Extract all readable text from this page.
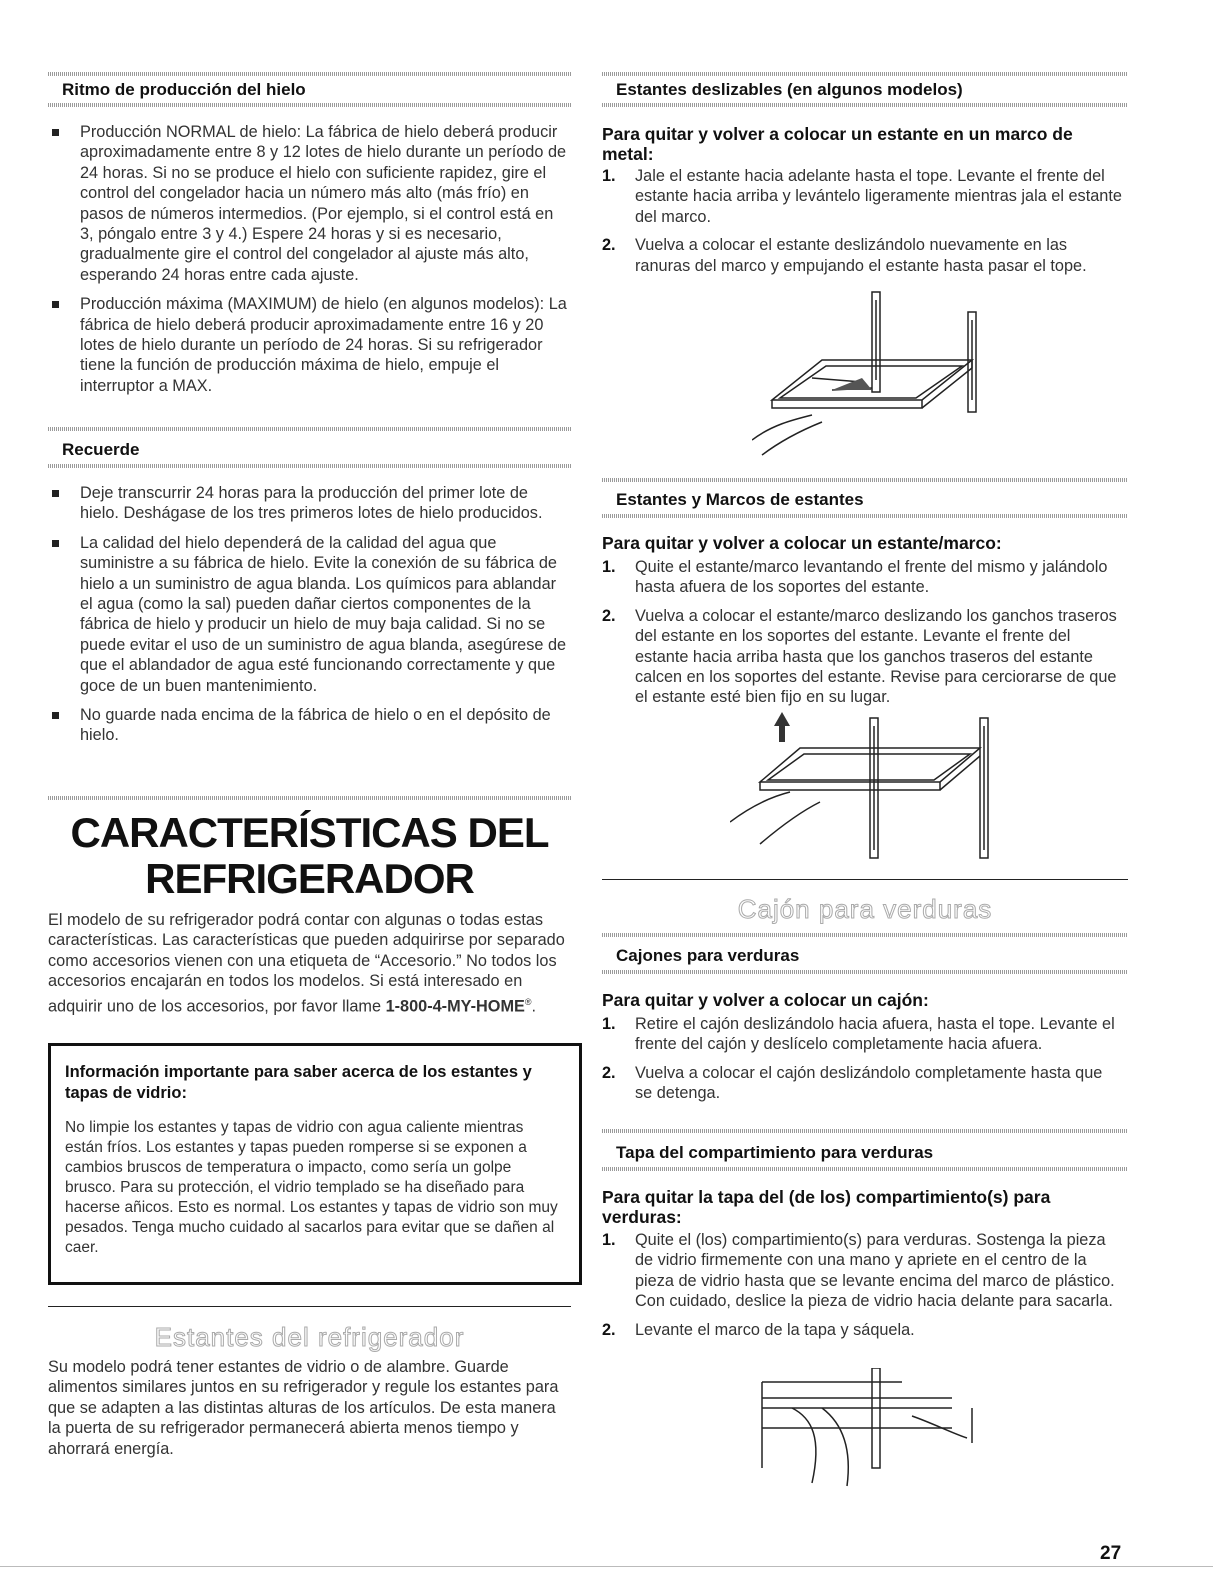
Ritmo de producción del hielo
Producción NORMAL de hielo: La fábrica de hielo deberá producir aproximadamente entre 8 y 12 lotes de hielo durante un período de 24 horas. Si no se produce el hielo con suficiente rapidez, gire el control del congelador hacia un número más alto (más frío) en pasos de números intermedios. (Por ejemplo, si el control está en 3, póngalo entre 3 y 4.) Espere 24 horas y si es necesario, gradualmente gire el control del congelador al ajuste más alto, esperando 24 horas entre cada ajuste.
Producción máxima (MAXIMUM) de hielo (en algunos modelos): La fábrica de hielo deberá producir aproximadamente entre 16 y 20 lotes de hielo durante un período de 24 horas. Si su refrigerador tiene la función de producción máxima de hielo, empuje el interruptor a MAX.
Recuerde
Deje transcurrir 24 horas para la producción del primer lote de hielo. Deshágase de los tres primeros lotes de hielo producidos.
La calidad del hielo dependerá de la calidad del agua que suministre a su fábrica de hielo. Evite la conexión de su fábrica de hielo a un suministro de agua blanda. Los químicos para ablandar el agua (como la sal) pueden dañar ciertos componentes de la fábrica de hielo y producir un hielo de muy baja calidad. Si no se puede evitar el uso de un suministro de agua blanda, asegúrese de que el ablandador de agua esté funcionando correctamente y que goce de un buen mantenimiento.
No guarde nada encima de la fábrica de hielo o en el depósito de hielo.
CARACTERÍSTICAS DEL
REFRIGERADOR

El modelo de su refrigerador podrá contar con algunas o todas estas características. Las características que pueden adquirirse por separado como accesorios vienen con una etiqueta de “Accesorio.” No todos los accesorios encajarán en todos los modelos. Si está interesado en adquirir uno de los accesorios, por favor llame 1-800-4-MY-HOME®.

Información importante para saber acerca de los estantes y tapas de vidrio:
No limpie los estantes y tapas de vidrio con agua caliente mientras están fríos. Los estantes y tapas pueden romperse si se exponen a cambios bruscos de temperatura o impacto, como sería un golpe brusco. Para su protección, el vidrio templado se ha diseñado para hacerse añicos. Esto es normal. Los estantes y tapas de vidrio son muy pesados. Tenga mucho cuidado al sacarlos para evitar que se dañen al caer.
Estantes del refrigerador

Su modelo podrá tener estantes de vidrio o de alambre. Guarde alimentos similares juntos en su refrigerador y regule los estantes para que se adapten a las distintas alturas de los artículos. De esta manera la puerta de su refrigerador permanecerá abierta menos tiempo y ahorrará energía.

Estantes deslizables (en algunos modelos)
Para quitar y volver a colocar un estante en un marco de metal:
1. Jale el estante hacia adelante hasta el tope. Levante el frente del estante hacia arriba y levántelo ligeramente mientras jala el estante del marco.
2. Vuelva a colocar el estante deslizándolo nuevamente en las ranuras del marco y empujando el estante hasta pasar el tope.
Estantes y Marcos de estantes
Para quitar y volver a colocar un estante/marco:
1. Quite el estante/marco levantando el frente del mismo y jalándolo hasta afuera de los soportes del estante.
2. Vuelva a colocar el estante/marco deslizando los ganchos traseros del estante en los soportes del estante. Levante el frente del estante hacia arriba hasta que los ganchos traseros del estante calcen en los soportes del estante. Revise para cerciorarse de que el estante esté bien fijo en su lugar.
Cajón para verduras
Cajones para verduras
Para quitar y volver a colocar un cajón:
1. Retire el cajón deslizándolo hacia afuera, hasta el tope. Levante el frente del cajón y deslícelo completamente hacia afuera.
2. Vuelva a colocar el cajón deslizándolo completamente hasta que se detenga.
Tapa del compartimiento para verduras
Para quitar la tapa del (de los) compartimiento(s) para verduras:
1. Quite el (los) compartimiento(s) para verduras. Sostenga la pieza de vidrio firmemente con una mano y apriete en el centro de la pieza de vidrio hasta que se levante encima del marco de plástico. Con cuidado, deslice la pieza de vidrio hacia delante para sacarla.
2. Levante el marco de la tapa y sáquela.
27
